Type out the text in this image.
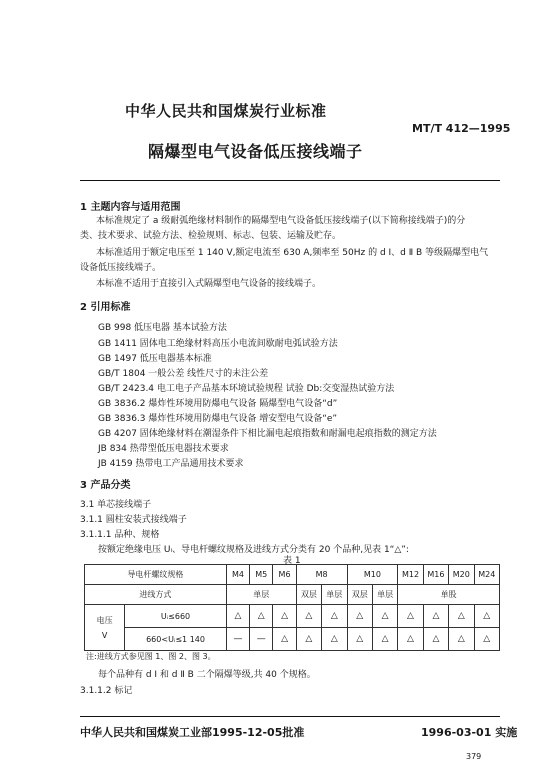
中华人民共和国煤炭行业标准
MT/T 412—1995
隔爆型电气设备低压接线端子
1 主题内容与适用范围
本标准规定了 a 级耐弧绝缘材料制作的隔爆型电气设备低压接线端子(以下简称接线端子)的分
类、技术要求、试验方法、检验规则、标志、包装、运输及贮存。
本标准适用于额定电压至 1 140 V,额定电流至 630 A,频率至 50Hz 的 d Ⅰ、d Ⅱ B 等级隔爆型电气
设备低压接线端子。
本标准不适用于直接引入式隔爆型电气设备的接线端子。
2 引用标准
GB 998 低压电器 基本试验方法
GB 1411 固体电工绝缘材料高压小电流间歇耐电弧试验方法
GB 1497 低压电器基本标准
GB/T 1804 一般公差 线性尺寸的未注公差
GB/T 2423.4 电工电子产品基本环境试验规程 试验 Db:交变湿热试验方法
GB 3836.2 爆炸性环境用防爆电气设备 隔爆型电气设备“d”
GB 3836.3 爆炸性环境用防爆电气设备 增安型电气设备“e”
GB 4207 固体绝缘材料在潮湿条件下相比漏电起痕指数和耐漏电起痕指数的测定方法
JB 834 热带型低压电器技术要求
JB 4159 热带电工产品通用技术要求
3 产品分类
3.1 单芯接线端子
3.1.1 圆柱安装式接线端子
3.1.1.1 品种、规格
按额定绝缘电压 Uᵢ、导电杆螺纹规格及进线方式分类有 20 个品种,见表 1“△”:
表 1
导电杆螺纹规格		M4	M5	M6	M8		M10		M12	M16	M20	M24
进线方式		单层			双层	单层	双层	单层	单股			

电压
V	Uᵢ≤660	△	△	△	△	△	△	△	△	△	△	△
	660<Uᵢ≤1 140	—	—	△	△	△	△	△	△	△	△	△
注:进线方式参见图 1、图 2、图 3。
每个品种有 d Ⅰ 和 d Ⅱ B 二个隔爆等级,共 40 个规格。
3.1.1.2 标记
中华人民共和国煤炭工业部1995-12-05批准	1996-03-01 实施
379
